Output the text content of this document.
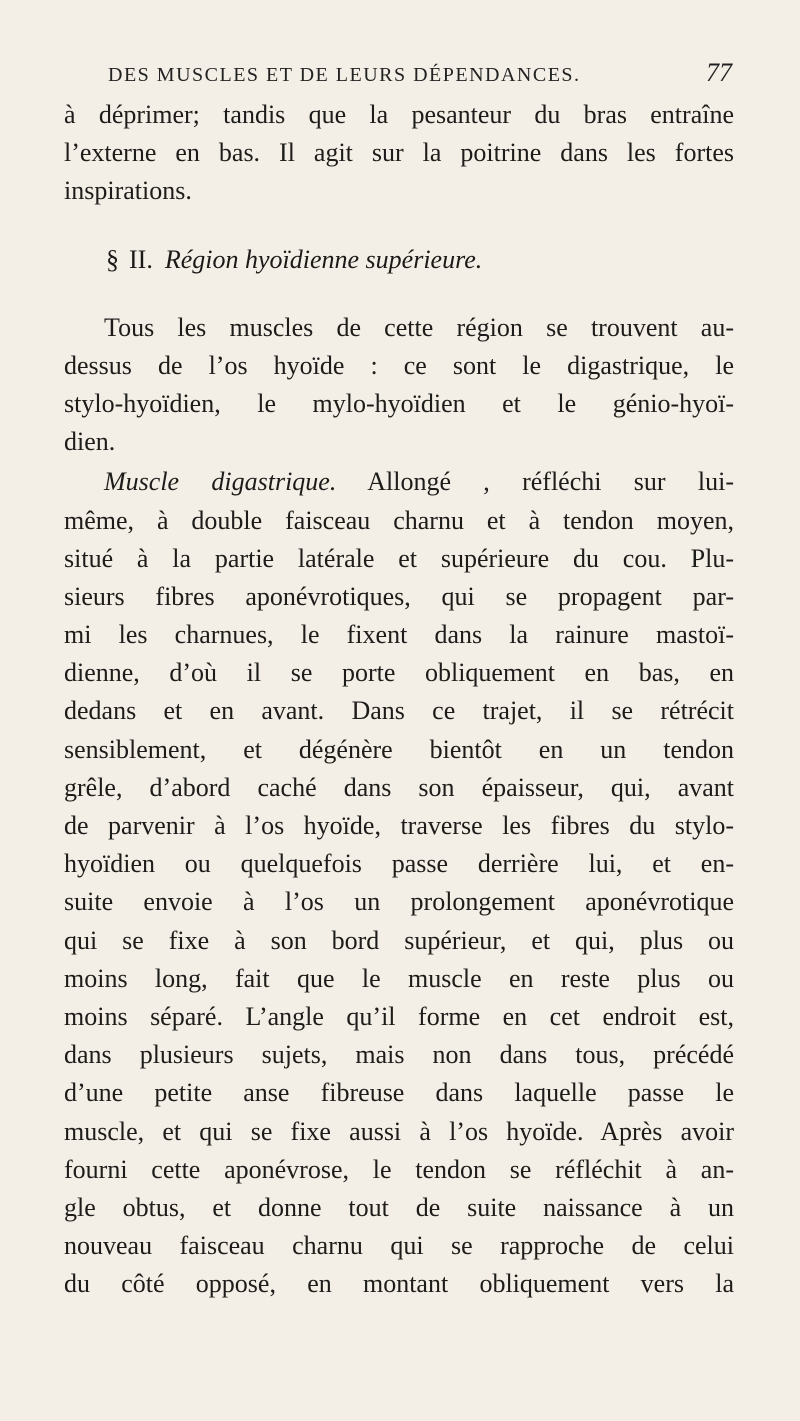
DES MUSCLES ET DE LEURS DÉPENDANCES.	77
à déprimer; tandis que la pesanteur du bras entraîne
l’externe en bas. Il agit sur la poitrine dans les fortes
inspirations.
§ II. Région hyoïdienne supérieure.
Tous les muscles de cette région se trouvent au-
dessus de l’os hyoïde : ce sont le digastrique, le
stylo-hyoïdien, le mylo-hyoïdien et le génio-hyoï-
dien.
Muscle digastrique. Allongé , réfléchi sur lui-
même, à double faisceau charnu et à tendon moyen,
situé à la partie latérale et supérieure du cou. Plu-
sieurs fibres aponévrotiques, qui se propagent par-
mi les charnues, le fixent dans la rainure mastoï-
dienne, d’où il se porte obliquement en bas, en
dedans et en avant. Dans ce trajet, il se rétrécit
sensiblement, et dégénère bientôt en un tendon
grêle, d’abord caché dans son épaisseur, qui, avant
de parvenir à l’os hyoïde, traverse les fibres du stylo-
hyoïdien ou quelquefois passe derrière lui, et en-
suite envoie à l’os un prolongement aponévrotique
qui se fixe à son bord supérieur, et qui, plus ou
moins long, fait que le muscle en reste plus ou
moins séparé. L’angle qu’il forme en cet endroit est,
dans plusieurs sujets, mais non dans tous, précédé
d’une petite anse fibreuse dans laquelle passe le
muscle, et qui se fixe aussi à l’os hyoïde. Après avoir
fourni cette aponévrose, le tendon se réfléchit à an-
gle obtus, et donne tout de suite naissance à un
nouveau faisceau charnu qui se rapproche de celui
du côté opposé, en montant obliquement vers la
